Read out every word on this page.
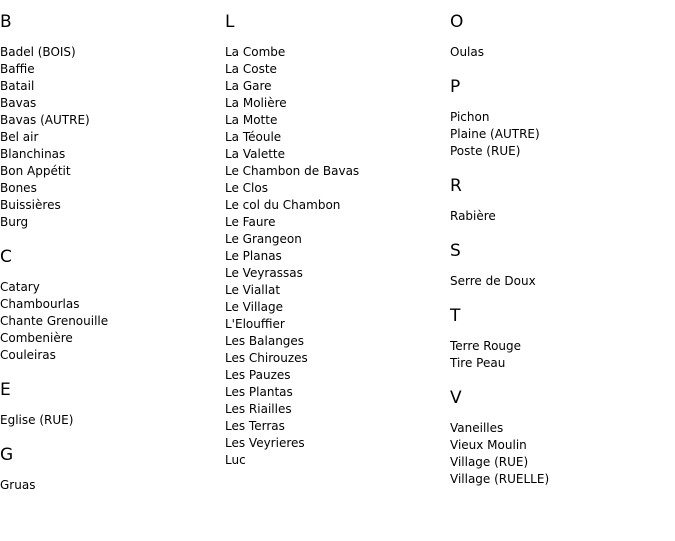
B
Badel (BOIS)
Baffie
Batail
Bavas
Bavas (AUTRE)
Bel air
Blanchinas
Bon Appétit
Bones
Buissières
Burg
C
Catary
Chambourlas
Chante Grenouille
Combenière
Couleiras
E
Eglise (RUE)
G
Gruas
L
La Combe
La Coste
La Gare
La Molière
La Motte
La Téoule
La Valette
Le Chambon de Bavas
Le Clos
Le col du Chambon
Le Faure
Le Grangeon
Le Planas
Le Veyrassas
Le Viallat
Le Village
L'Elouffier
Les Balanges
Les Chirouzes
Les Pauzes
Les Plantas
Les Riailles
Les Terras
Les Veyrieres
Luc
O
Oulas
P
Pichon
Plaine (AUTRE)
Poste (RUE)
R
Rabière
S
Serre de Doux
T
Terre Rouge
Tire Peau
V
Vaneilles
Vieux Moulin
Village (RUE)
Village (RUELLE)
